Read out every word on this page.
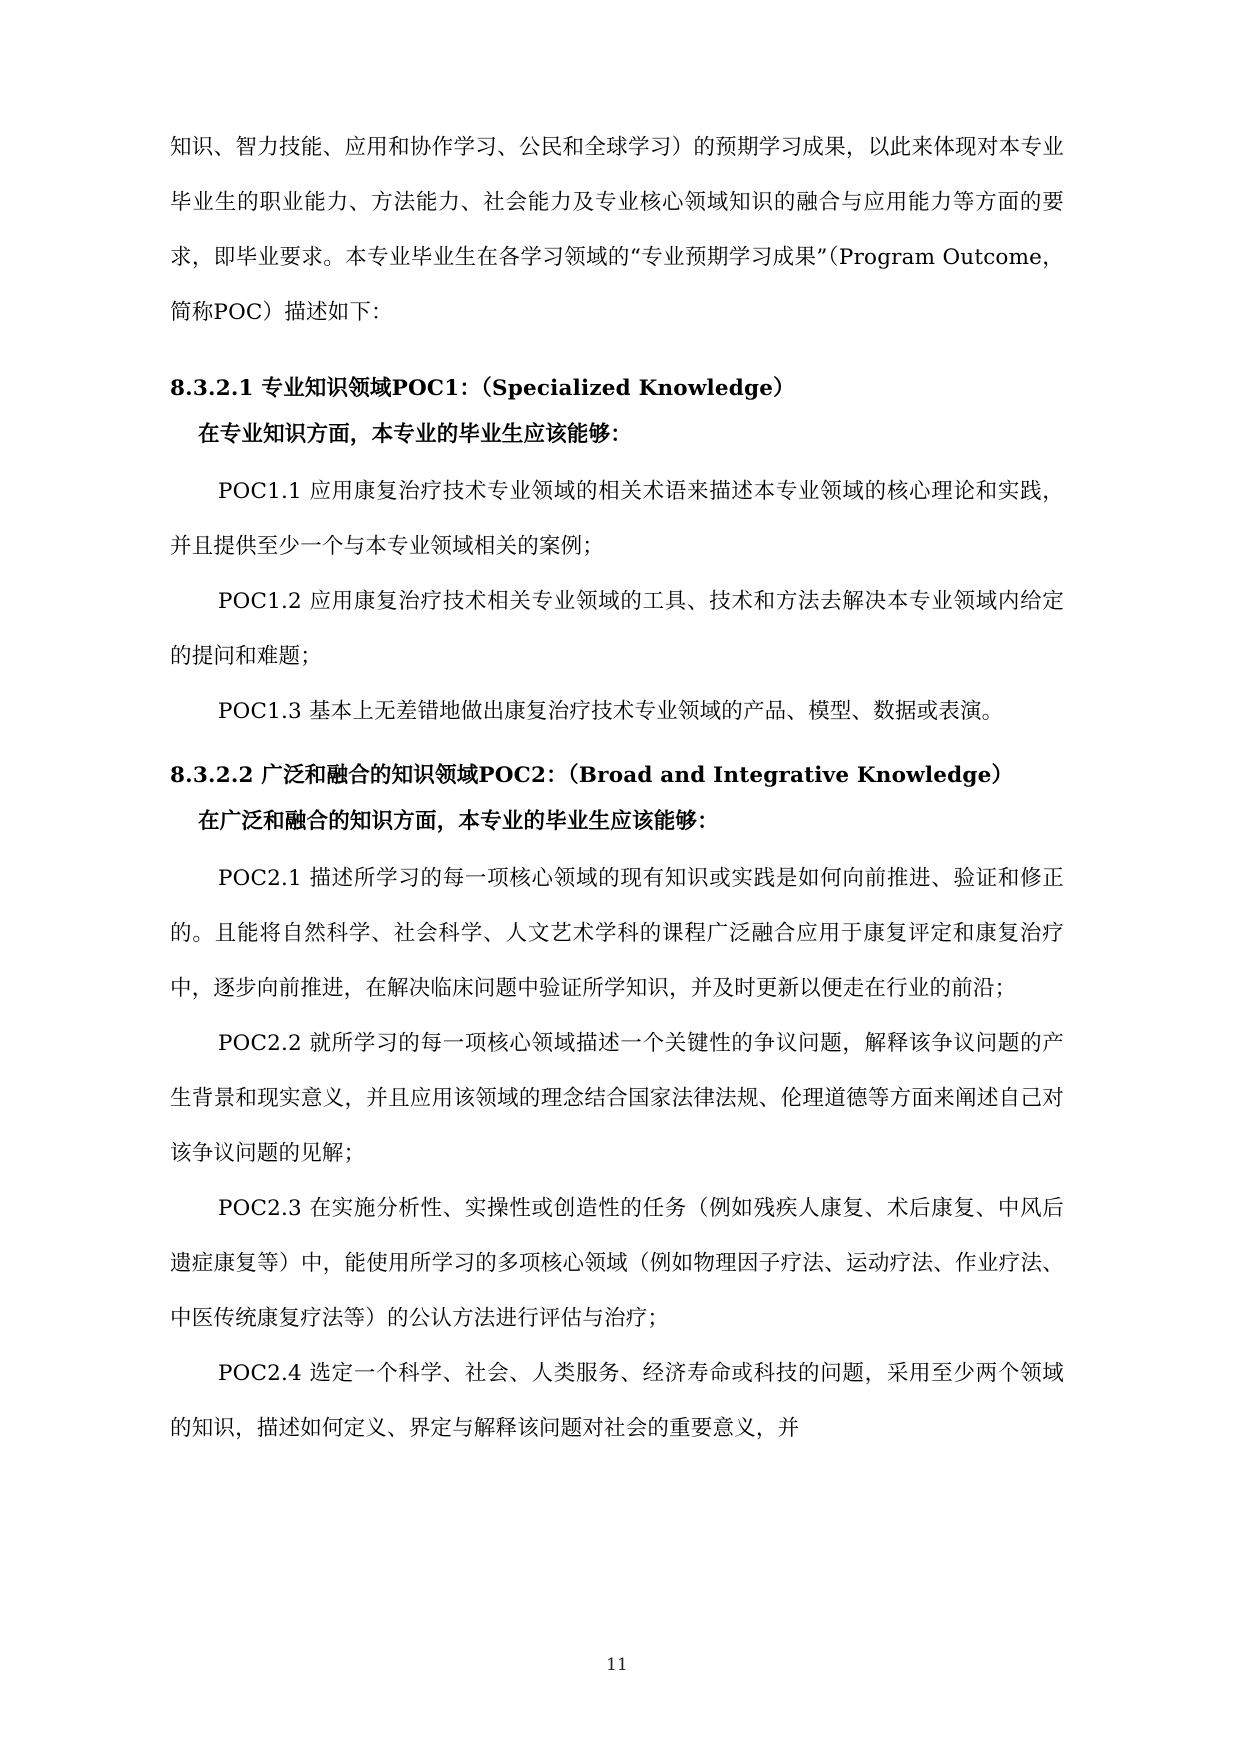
知识、智力技能、应用和协作学习、公民和全球学习）的预期学习成果，以此来体现对本专业毕业生的职业能力、方法能力、社会能力及专业核心领域知识的融合与应用能力等方面的要求，即毕业要求。本专业毕业生在各学习领域的“专业预期学习成果”（Program Outcome，简称POC）描述如下：

8.3.2.1 专业知识领域POC1：（Specialized Knowledge）
在专业知识方面，本专业的毕业生应该能够：

POC1.1 应用康复治疗技术专业领域的相关术语来描述本专业领域的核心理论和实践，并且提供至少一个与本专业领域相关的案例；

POC1.2 应用康复治疗技术相关专业领域的工具、技术和方法去解决本专业领域内给定的提问和难题；

POC1.3 基本上无差错地做出康复治疗技术专业领域的产品、模型、数据或表演。

8.3.2.2 广泛和融合的知识领域POC2：（Broad and Integrative Knowledge）
在广泛和融合的知识方面，本专业的毕业生应该能够：

POC2.1 描述所学习的每一项核心领域的现有知识或实践是如何向前推进、验证和修正的。且能将自然科学、社会科学、人文艺术学科的课程广泛融合应用于康复评定和康复治疗中，逐步向前推进，在解决临床问题中验证所学知识，并及时更新以便走在行业的前沿；

POC2.2 就所学习的每一项核心领域描述一个关键性的争议问题，解释该争议问题的产生背景和现实意义，并且应用该领域的理念结合国家法律法规、伦理道德等方面来阐述自己对该争议问题的见解；

POC2.3 在实施分析性、实操性或创造性的任务（例如残疾人康复、术后康复、中风后遗症康复等）中，能使用所学习的多项核心领域（例如物理因子疗法、运动疗法、作业疗法、中医传统康复疗法等）的公认方法进行评估与治疗；

POC2.4 选定一个科学、社会、人类服务、经济寿命或科技的问题，采用至少两个领域的知识，描述如何定义、界定与解释该问题对社会的重要意义，并

11
